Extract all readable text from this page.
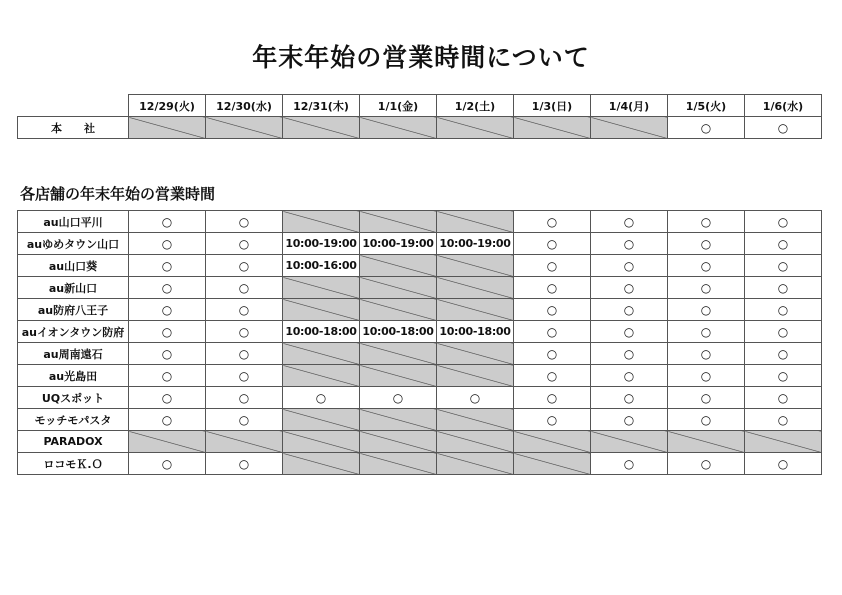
年末年始の営業時間について
	12/29(火)	12/30(水)	12/31(木)	1/1(金)	1/2(土)	1/3(日)	1/4(月)	1/5(火)	1/6(水)
本　　社								○	○
各店舗の年末年始の営業時間
au山口平川	○	○				○	○	○	○
auゆめタウン山口	○	○	10:00-19:00	10:00-19:00	10:00-19:00	○	○	○	○
au山口葵	○	○	10:00-16:00			○	○	○	○
au新山口	○	○				○	○	○	○
au防府八王子	○	○				○	○	○	○
auイオンタウン防府	○	○	10:00-18:00	10:00-18:00	10:00-18:00	○	○	○	○
au周南遠石	○	○				○	○	○	○
au光島田	○	○				○	○	○	○
UQスポット	○	○	○	○	○	○	○	○	○
モッチモパスタ	○	○				○	○	○	○
PARADOX									
ロコモＫ.Ｏ	○	○					○	○	○
